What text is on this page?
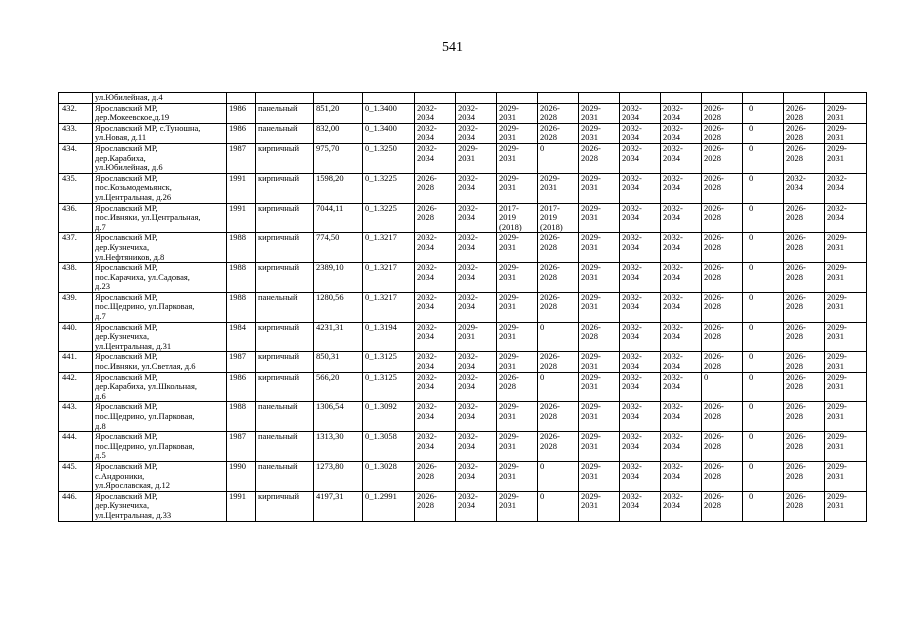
541
	ул.Юбилейная, д.4															
432.	Ярославский МР,
дер.Мокеевское,д.19	1986	панельный	851,20	0_1.3400	2032-
2034	2032-
2034	2029-
2031	2026-
2028	2029-
2031	2032-
2034	2032-
2034	2026-
2028	0	2026-
2028	2029-
2031
433.	Ярославский МР, с.Туношна,
ул.Новая, д.11	1986	панельный	832,00	0_1.3400	2032-
2034	2032-
2034	2029-
2031	2026-
2028	2029-
2031	2032-
2034	2032-
2034	2026-
2028	0	2026-
2028	2029-
2031
434.	Ярославский МР,
дер.Карабиха,
ул.Юбилейная, д.6	1987	кирпичный	975,70	0_1.3250	2032-
2034	2029-
2031	2029-
2031	0	2026-
2028	2032-
2034	2032-
2034	2026-
2028	0	2026-
2028	2029-
2031
435.	Ярославский МР,
пос.Козьмодемьянск,
ул.Центральная, д.26	1991	кирпичный	1598,20	0_1.3225	2026-
2028	2032-
2034	2029-
2031	2029-
2031	2029-
2031	2032-
2034	2032-
2034	2026-
2028	0	2032-
2034	2032-
2034
436.	Ярославский МР,
пос.Ивняки, ул.Центральная,
д.7	1991	кирпичный	7044,11	0_1.3225	2026-
2028	2032-
2034	2017-
2019
(2018)	2017-
2019
(2018)	2029-
2031	2032-
2034	2032-
2034	2026-
2028	0	2026-
2028	2032-
2034
437.	Ярославский МР,
дер.Кузнечиха,
ул.Нефтяников, д.8	1988	кирпичный	774,50	0_1.3217	2032-
2034	2032-
2034	2029-
2031	2026-
2028	2029-
2031	2032-
2034	2032-
2034	2026-
2028	0	2026-
2028	2029-
2031
438.	Ярославский МР,
пос.Карачиха, ул.Садовая,
д.23	1988	кирпичный	2389,10	0_1.3217	2032-
2034	2032-
2034	2029-
2031	2026-
2028	2029-
2031	2032-
2034	2032-
2034	2026-
2028	0	2026-
2028	2029-
2031
439.	Ярославский МР,
пос.Щедрино, ул.Парковая,
д.7	1988	панельный	1280,56	0_1.3217	2032-
2034	2032-
2034	2029-
2031	2026-
2028	2029-
2031	2032-
2034	2032-
2034	2026-
2028	0	2026-
2028	2029-
2031
440.	Ярославский МР,
дер.Кузнечиха,
ул.Центральная, д.31	1984	кирпичный	4231,31	0_1.3194	2032-
2034	2029-
2031	2029-
2031	0	2026-
2028	2032-
2034	2032-
2034	2026-
2028	0	2026-
2028	2029-
2031
441.	Ярославский МР,
пос.Ивняки, ул.Светлая, д.6	1987	кирпичный	850,31	0_1.3125	2032-
2034	2032-
2034	2029-
2031	2026-
2028	2029-
2031	2032-
2034	2032-
2034	2026-
2028	0	2026-
2028	2029-
2031
442.	Ярославский МР,
дер.Карабиха, ул.Школьная,
д.6	1986	кирпичный	566,20	0_1.3125	2032-
2034	2032-
2034	2026-
2028	0	2029-
2031	2032-
2034	2032-
2034	0	0	2026-
2028	2029-
2031
443.	Ярославский МР,
пос.Щедрино, ул.Парковая,
д.8	1988	панельный	1306,54	0_1.3092	2032-
2034	2032-
2034	2029-
2031	2026-
2028	2029-
2031	2032-
2034	2032-
2034	2026-
2028	0	2026-
2028	2029-
2031
444.	Ярославский МР,
пос.Щедрино, ул.Парковая,
д.5	1987	панельный	1313,30	0_1.3058	2032-
2034	2032-
2034	2029-
2031	2026-
2028	2029-
2031	2032-
2034	2032-
2034	2026-
2028	0	2026-
2028	2029-
2031
445.	Ярославский МР,
с.Андроники,
ул.Ярославская, д.12	1990	панельный	1273,80	0_1.3028	2026-
2028	2032-
2034	2029-
2031	0	2029-
2031	2032-
2034	2032-
2034	2026-
2028	0	2026-
2028	2029-
2031
446.	Ярославский МР,
дер.Кузнечиха,
ул.Центральная, д.33	1991	кирпичный	4197,31	0_1.2991	2026-
2028	2032-
2034	2029-
2031	0	2029-
2031	2032-
2034	2032-
2034	2026-
2028	0	2026-
2028	2029-
2031
